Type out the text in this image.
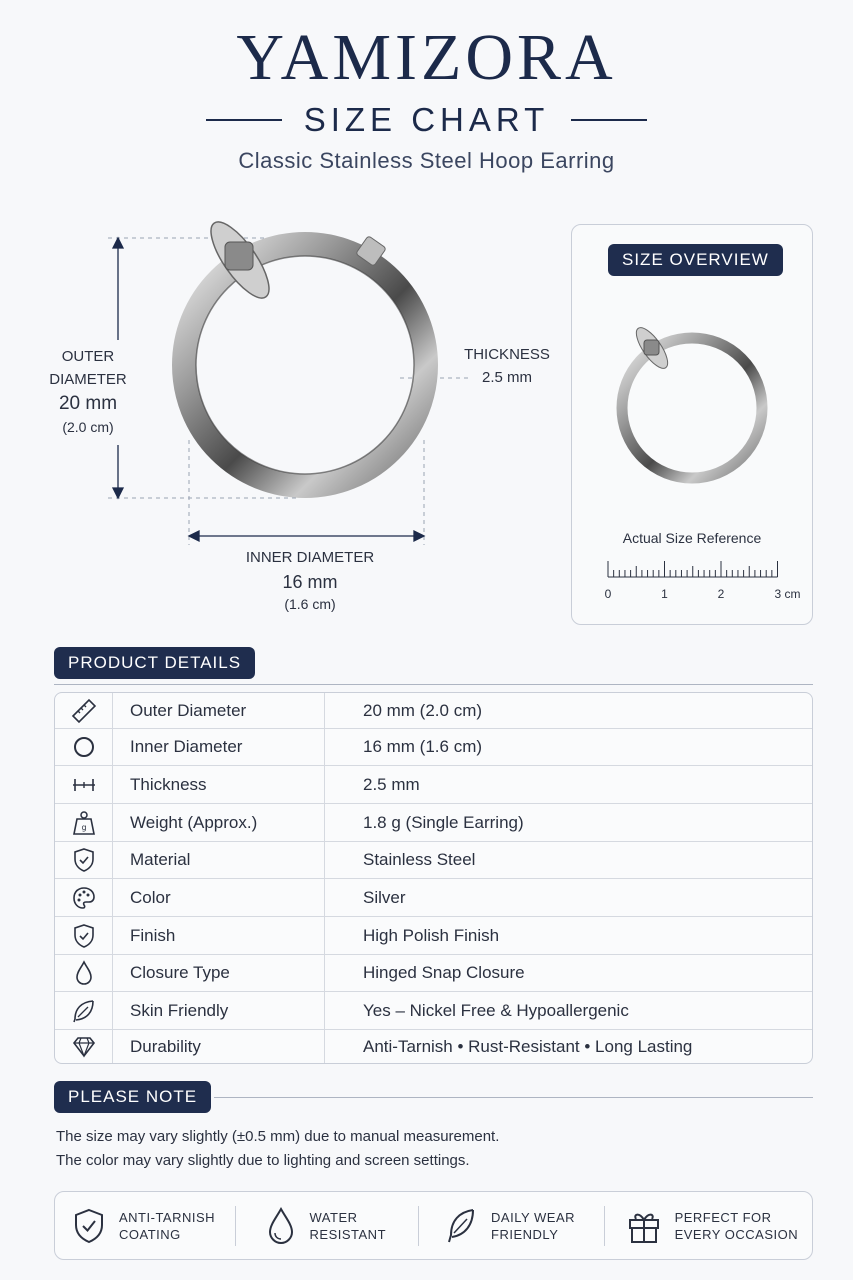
YAMIZORA
SIZE CHART
Classic Stainless Steel Hoop Earring
OUTER
DIAMETER
20 mm
(2.0 cm)
THICKNESS
2.5 mm
INNER DIAMETER
16 mm
(1.6 cm)
SIZE OVERVIEW
Actual Size Reference
0	1	2	3 cm
PRODUCT DETAILS
Outer Diameter	20 mm (2.0 cm)
Inner Diameter	16 mm (1.6 cm)
Thickness	2.5 mm
g	Weight (Approx.)	1.8 g (Single Earring)
Material	Stainless Steel
Color	Silver
Finish	High Polish Finish
Closure Type	Hinged Snap Closure
Skin Friendly	Yes – Nickel Free & Hypoallergenic
Durability	Anti-Tarnish • Rust-Resistant • Long Lasting
PLEASE NOTE
The size may vary slightly (±0.5 mm) due to manual measurement.
The color may vary slightly due to lighting and screen settings.
ANTI-TARNISH
COATING
WATER
RESISTANT
DAILY WEAR
FRIENDLY
PERFECT FOR
EVERY OCCASION
